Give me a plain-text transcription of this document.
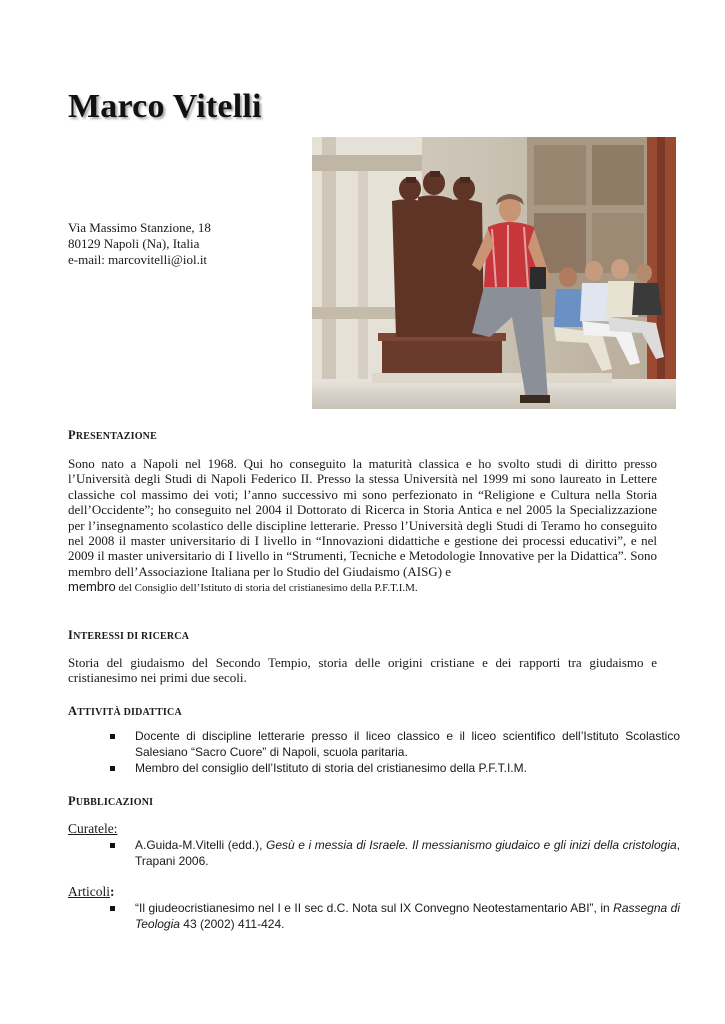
Marco Vitelli
Via Massimo Stanzione, 18
80129 Napoli (Na), Italia
e-mail: marcovitelli@iol.it
PRESENTAZIONE
Sono nato a Napoli nel 1968. Qui ho conseguito la maturità classica e ho svolto studi di diritto presso l’Università degli Studi di Napoli Federico II. Presso la stessa Università nel 1999 mi sono laureato in Lettere classiche col massimo dei voti; l’anno successivo mi sono perfezionato in “Religione e Cultura nella Storia dell’Occidente”; ho conseguito nel 2004 il Dottorato di Ricerca in Storia Antica e nel 2005 la Specializzazione per l’insegnamento scolastico delle discipline letterarie. Presso l’Università degli Studi di Teramo ho conseguito nel 2008 il master universitario di I livello in “Innovazioni didattiche e gestione dei processi educativi”, e nel 2009 il master universitario di I livello in “Strumenti, Tecniche e Metodologie Innovative per la Didattica”. Sono membro dell’Associazione Italiana per lo Studio del Giudaismo (AISG) e
membro del Consiglio dell’Istituto di storia del cristianesimo della P.F.T.I.M.
INTERESSI DI RICERCA
Storia del giudaismo del Secondo Tempio, storia delle origini cristiane e dei rapporti tra giudaismo e cristianesimo nei primi due secoli.
ATTIVITÀ DIDATTICA
Docente di discipline letterarie presso il liceo classico e il liceo scientifico dell’Istituto Scolastico Salesiano “Sacro Cuore” di Napoli, scuola paritaria.
Membro del consiglio dell’Istituto di storia del cristianesimo della P.F.T.I.M.
PUBBLICAZIONI
Curatele:
A.Guida-M.Vitelli (edd.), Gesù e i messia di Israele. Il messianismo giudaico e gli inizi della cristologia, Trapani 2006.
Articoli:
“Il giudeocristianesimo nel I e II sec d.C. Nota sul IX Convegno Neotestamentario ABI”, in Rassegna di Teologia 43 (2002) 411-424.
